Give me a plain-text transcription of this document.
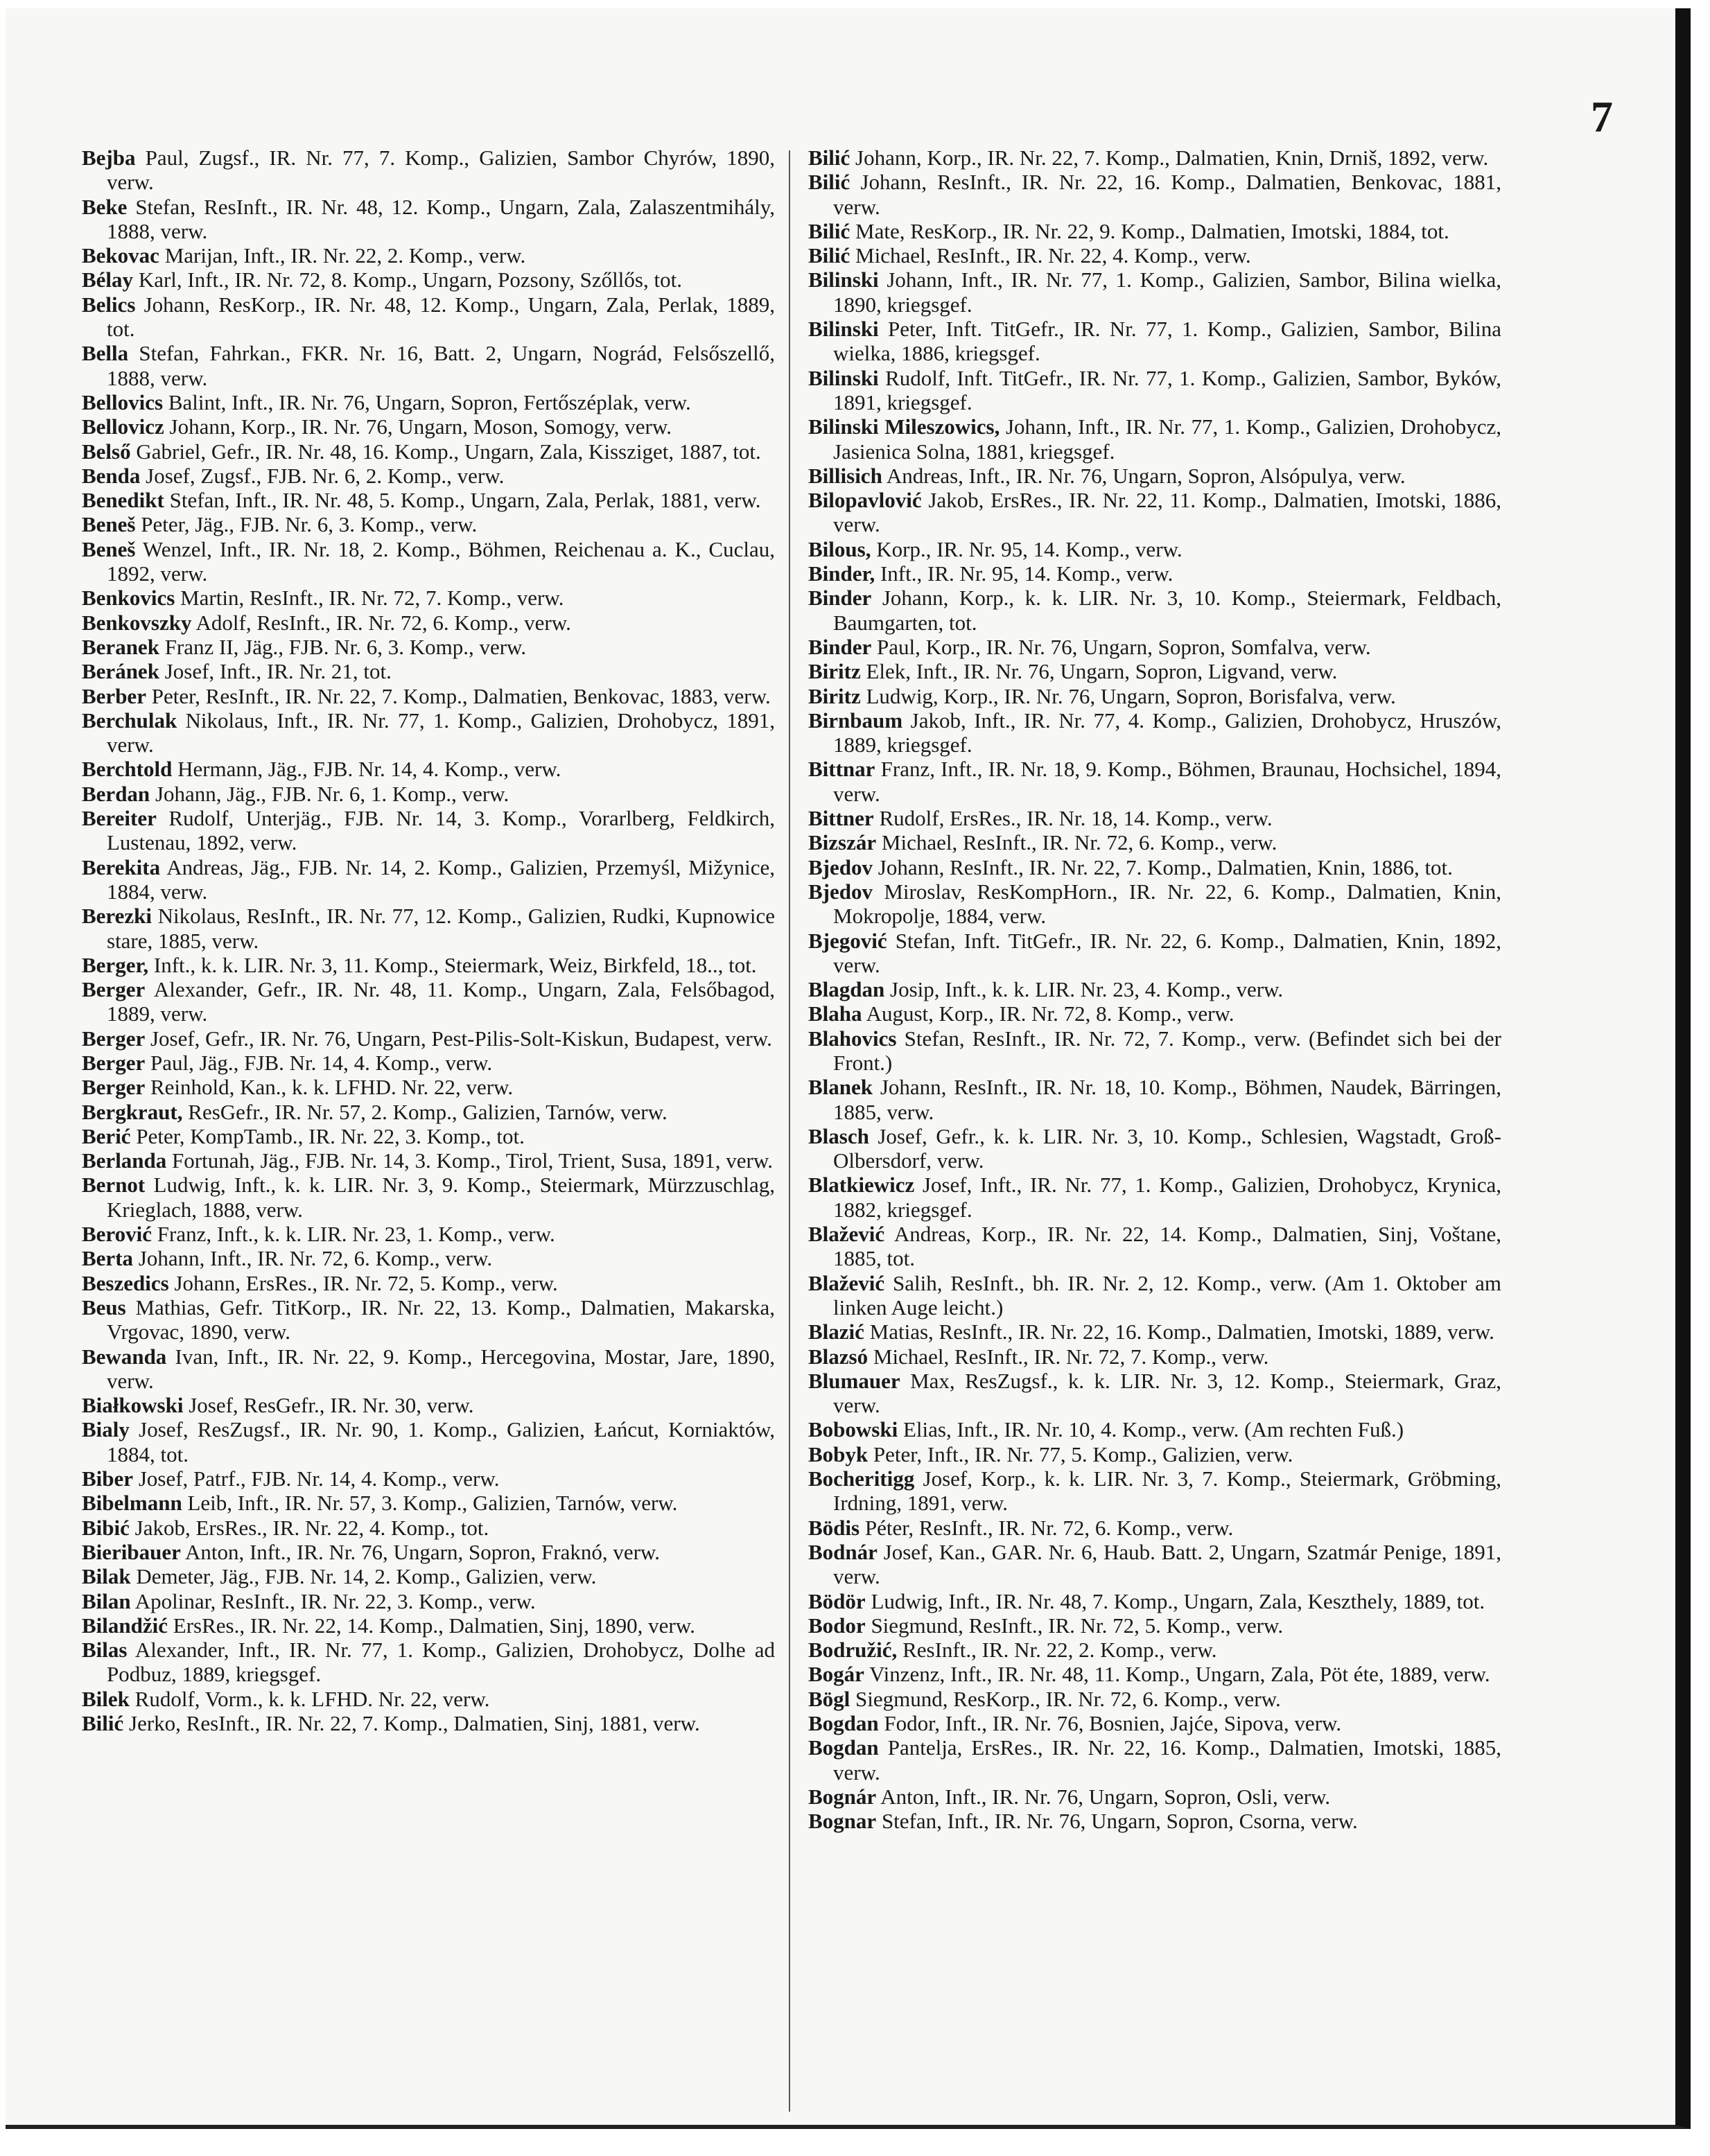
7

Bejba Paul, Zugsf., IR. Nr. 77, 7. Komp., Galizien, Sambor Chyrów, 1890, verw.

Beke Stefan, ResInft., IR. Nr. 48, 12. Komp., Ungarn, Zala, Zalaszentmihály, 1888, verw.

Bekovac Marijan, Inft., IR. Nr. 22, 2. Komp., verw.

Bélay Karl, Inft., IR. Nr. 72, 8. Komp., Ungarn, Pozsony, Szőllős, tot.

Belics Johann, ResKorp., IR. Nr. 48, 12. Komp., Ungarn, Zala, Perlak, 1889, tot.

Bella Stefan, Fahrkan., FKR. Nr. 16, Batt. 2, Ungarn, Nográd, Felsőszellő, 1888, verw.

Bellovics Balint, Inft., IR. Nr. 76, Ungarn, Sopron, Fertőszéplak, verw.

Bellovicz Johann, Korp., IR. Nr. 76, Ungarn, Moson, Somogy, verw.

Belső Gabriel, Gefr., IR. Nr. 48, 16. Komp., Ungarn, Zala, Kissziget, 1887, tot.

Benda Josef, Zugsf., FJB. Nr. 6, 2. Komp., verw.

Benedikt Stefan, Inft., IR. Nr. 48, 5. Komp., Ungarn, Zala, Perlak, 1881, verw.

Beneš Peter, Jäg., FJB. Nr. 6, 3. Komp., verw.

Beneš Wenzel, Inft., IR. Nr. 18, 2. Komp., Böhmen, Reichenau a. K., Cuclau, 1892, verw.

Benkovics Martin, ResInft., IR. Nr. 72, 7. Komp., verw.

Benkovszky Adolf, ResInft., IR. Nr. 72, 6. Komp., verw.

Beranek Franz II, Jäg., FJB. Nr. 6, 3. Komp., verw.

Beránek Josef, Inft., IR. Nr. 21, tot.

Berber Peter, ResInft., IR. Nr. 22, 7. Komp., Dalmatien, Benkovac, 1883, verw.

Berchulak Nikolaus, Inft., IR. Nr. 77, 1. Komp., Galizien, Drohobycz, 1891, verw.

Berchtold Hermann, Jäg., FJB. Nr. 14, 4. Komp., verw.

Berdan Johann, Jäg., FJB. Nr. 6, 1. Komp., verw.

Bereiter Rudolf, Unterjäg., FJB. Nr. 14, 3. Komp., Vorarlberg, Feldkirch, Lustenau, 1892, verw.

Berekita Andreas, Jäg., FJB. Nr. 14, 2. Komp., Galizien, Przemyśl, Mižynice, 1884, verw.

Berezki Nikolaus, ResInft., IR. Nr. 77, 12. Komp., Galizien, Rudki, Kupnowice stare, 1885, verw.

Berger, Inft., k. k. LIR. Nr. 3, 11. Komp., Steiermark, Weiz, Birkfeld, 18.., tot.

Berger Alexander, Gefr., IR. Nr. 48, 11. Komp., Ungarn, Zala, Felsőbagod, 1889, verw.

Berger Josef, Gefr., IR. Nr. 76, Ungarn, Pest-Pilis-Solt-Kiskun, Budapest, verw.

Berger Paul, Jäg., FJB. Nr. 14, 4. Komp., verw.

Berger Reinhold, Kan., k. k. LFHD. Nr. 22, verw.

Bergkraut, ResGefr., IR. Nr. 57, 2. Komp., Galizien, Tarnów, verw.

Berić Peter, KompTamb., IR. Nr. 22, 3. Komp., tot.

Berlanda Fortunah, Jäg., FJB. Nr. 14, 3. Komp., Tirol, Trient, Susa, 1891, verw.

Bernot Ludwig, Inft., k. k. LIR. Nr. 3, 9. Komp., Steiermark, Mürzzuschlag, Krieglach, 1888, verw.

Berović Franz, Inft., k. k. LIR. Nr. 23, 1. Komp., verw.

Berta Johann, Inft., IR. Nr. 72, 6. Komp., verw.

Beszedics Johann, ErsRes., IR. Nr. 72, 5. Komp., verw.

Beus Mathias, Gefr. TitKorp., IR. Nr. 22, 13. Komp., Dalmatien, Makarska, Vrgovac, 1890, verw.

Bewanda Ivan, Inft., IR. Nr. 22, 9. Komp., Hercegovina, Mostar, Jare, 1890, verw.

Białkowski Josef, ResGefr., IR. Nr. 30, verw.

Bialy Josef, ResZugsf., IR. Nr. 90, 1. Komp., Galizien, Łańcut, Korniaktów, 1884, tot.

Biber Josef, Patrf., FJB. Nr. 14, 4. Komp., verw.

Bibelmann Leib, Inft., IR. Nr. 57, 3. Komp., Galizien, Tarnów, verw.

Bibić Jakob, ErsRes., IR. Nr. 22, 4. Komp., tot.

Bieribauer Anton, Inft., IR. Nr. 76, Ungarn, Sopron, Fraknó, verw.

Bilak Demeter, Jäg., FJB. Nr. 14, 2. Komp., Galizien, verw.

Bilan Apolinar, ResInft., IR. Nr. 22, 3. Komp., verw.

Bilandžić ErsRes., IR. Nr. 22, 14. Komp., Dalmatien, Sinj, 1890, verw.

Bilas Alexander, Inft., IR. Nr. 77, 1. Komp., Galizien, Drohobycz, Dolhe ad Podbuz, 1889, kriegsgef.

Bilek Rudolf, Vorm., k. k. LFHD. Nr. 22, verw.

Bilić Jerko, ResInft., IR. Nr. 22, 7. Komp., Dalmatien, Sinj, 1881, verw.

Bilić Johann, Korp., IR. Nr. 22, 7. Komp., Dalmatien, Knin, Drniš, 1892, verw.

Bilić Johann, ResInft., IR. Nr. 22, 16. Komp., Dalmatien, Benkovac, 1881, verw.

Bilić Mate, ResKorp., IR. Nr. 22, 9. Komp., Dalmatien, Imotski, 1884, tot.

Bilić Michael, ResInft., IR. Nr. 22, 4. Komp., verw.

Bilinski Johann, Inft., IR. Nr. 77, 1. Komp., Galizien, Sambor, Bilina wielka, 1890, kriegsgef.

Bilinski Peter, Inft. TitGefr., IR. Nr. 77, 1. Komp., Galizien, Sambor, Bilina wielka, 1886, kriegsgef.

Bilinski Rudolf, Inft. TitGefr., IR. Nr. 77, 1. Komp., Galizien, Sambor, Byków, 1891, kriegsgef.

Bilinski Mileszowics, Johann, Inft., IR. Nr. 77, 1. Komp., Galizien, Drohobycz, Jasienica Solna, 1881, kriegsgef.

Billisich Andreas, Inft., IR. Nr. 76, Ungarn, Sopron, Alsópulya, verw.

Bilopavlović Jakob, ErsRes., IR. Nr. 22, 11. Komp., Dalmatien, Imotski, 1886, verw.

Bilous, Korp., IR. Nr. 95, 14. Komp., verw.

Binder, Inft., IR. Nr. 95, 14. Komp., verw.

Binder Johann, Korp., k. k. LIR. Nr. 3, 10. Komp., Steiermark, Feldbach, Baumgarten, tot.

Binder Paul, Korp., IR. Nr. 76, Ungarn, Sopron, Somfalva, verw.

Biritz Elek, Inft., IR. Nr. 76, Ungarn, Sopron, Ligvand, verw.

Biritz Ludwig, Korp., IR. Nr. 76, Ungarn, Sopron, Borisfalva, verw.

Birnbaum Jakob, Inft., IR. Nr. 77, 4. Komp., Galizien, Drohobycz, Hruszów, 1889, kriegsgef.

Bittnar Franz, Inft., IR. Nr. 18, 9. Komp., Böhmen, Braunau, Hochsichel, 1894, verw.

Bittner Rudolf, ErsRes., IR. Nr. 18, 14. Komp., verw.

Bizszár Michael, ResInft., IR. Nr. 72, 6. Komp., verw.

Bjedov Johann, ResInft., IR. Nr. 22, 7. Komp., Dalmatien, Knin, 1886, tot.

Bjedov Miroslav, ResKompHorn., IR. Nr. 22, 6. Komp., Dalmatien, Knin, Mokropolje, 1884, verw.

Bjegović Stefan, Inft. TitGefr., IR. Nr. 22, 6. Komp., Dalmatien, Knin, 1892, verw.

Blagdan Josip, Inft., k. k. LIR. Nr. 23, 4. Komp., verw.

Blaha August, Korp., IR. Nr. 72, 8. Komp., verw.

Blahovics Stefan, ResInft., IR. Nr. 72, 7. Komp., verw. (Befindet sich bei der Front.)

Blanek Johann, ResInft., IR. Nr. 18, 10. Komp., Böhmen, Naudek, Bärringen, 1885, verw.

Blasch Josef, Gefr., k. k. LIR. Nr. 3, 10. Komp., Schlesien, Wagstadt, Groß-Olbersdorf, verw.

Blatkiewicz Josef, Inft., IR. Nr. 77, 1. Komp., Galizien, Drohobycz, Krynica, 1882, kriegsgef.

Blažević Andreas, Korp., IR. Nr. 22, 14. Komp., Dalmatien, Sinj, Voštane, 1885, tot.

Blažević Salih, ResInft., bh. IR. Nr. 2, 12. Komp., verw. (Am 1. Oktober am linken Auge leicht.)

Blazić Matias, ResInft., IR. Nr. 22, 16. Komp., Dalmatien, Imotski, 1889, verw.

Blazsó Michael, ResInft., IR. Nr. 72, 7. Komp., verw.

Blumauer Max, ResZugsf., k. k. LIR. Nr. 3, 12. Komp., Steiermark, Graz, verw.

Bobowski Elias, Inft., IR. Nr. 10, 4. Komp., verw. (Am rechten Fuß.)

Bobyk Peter, Inft., IR. Nr. 77, 5. Komp., Galizien, verw.

Bocheritigg Josef, Korp., k. k. LIR. Nr. 3, 7. Komp., Steiermark, Gröbming, Irdning, 1891, verw.

Bödis Péter, ResInft., IR. Nr. 72, 6. Komp., verw.

Bodnár Josef, Kan., GAR. Nr. 6, Haub. Batt. 2, Ungarn, Szatmár Penige, 1891, verw.

Bödör Ludwig, Inft., IR. Nr. 48, 7. Komp., Ungarn, Zala, Keszthely, 1889, tot.

Bodor Siegmund, ResInft., IR. Nr. 72, 5. Komp., verw.

Bodružić, ResInft., IR. Nr. 22, 2. Komp., verw.

Bogár Vinzenz, Inft., IR. Nr. 48, 11. Komp., Ungarn, Zala, Pöt éte, 1889, verw.

Bögl Siegmund, ResKorp., IR. Nr. 72, 6. Komp., verw.

Bogdan Fodor, Inft., IR. Nr. 76, Bosnien, Jajće, Sipova, verw.

Bogdan Pantelja, ErsRes., IR. Nr. 22, 16. Komp., Dalmatien, Imotski, 1885, verw.

Bognár Anton, Inft., IR. Nr. 76, Ungarn, Sopron, Osli, verw.

Bognar Stefan, Inft., IR. Nr. 76, Ungarn, Sopron, Csorna, verw.
